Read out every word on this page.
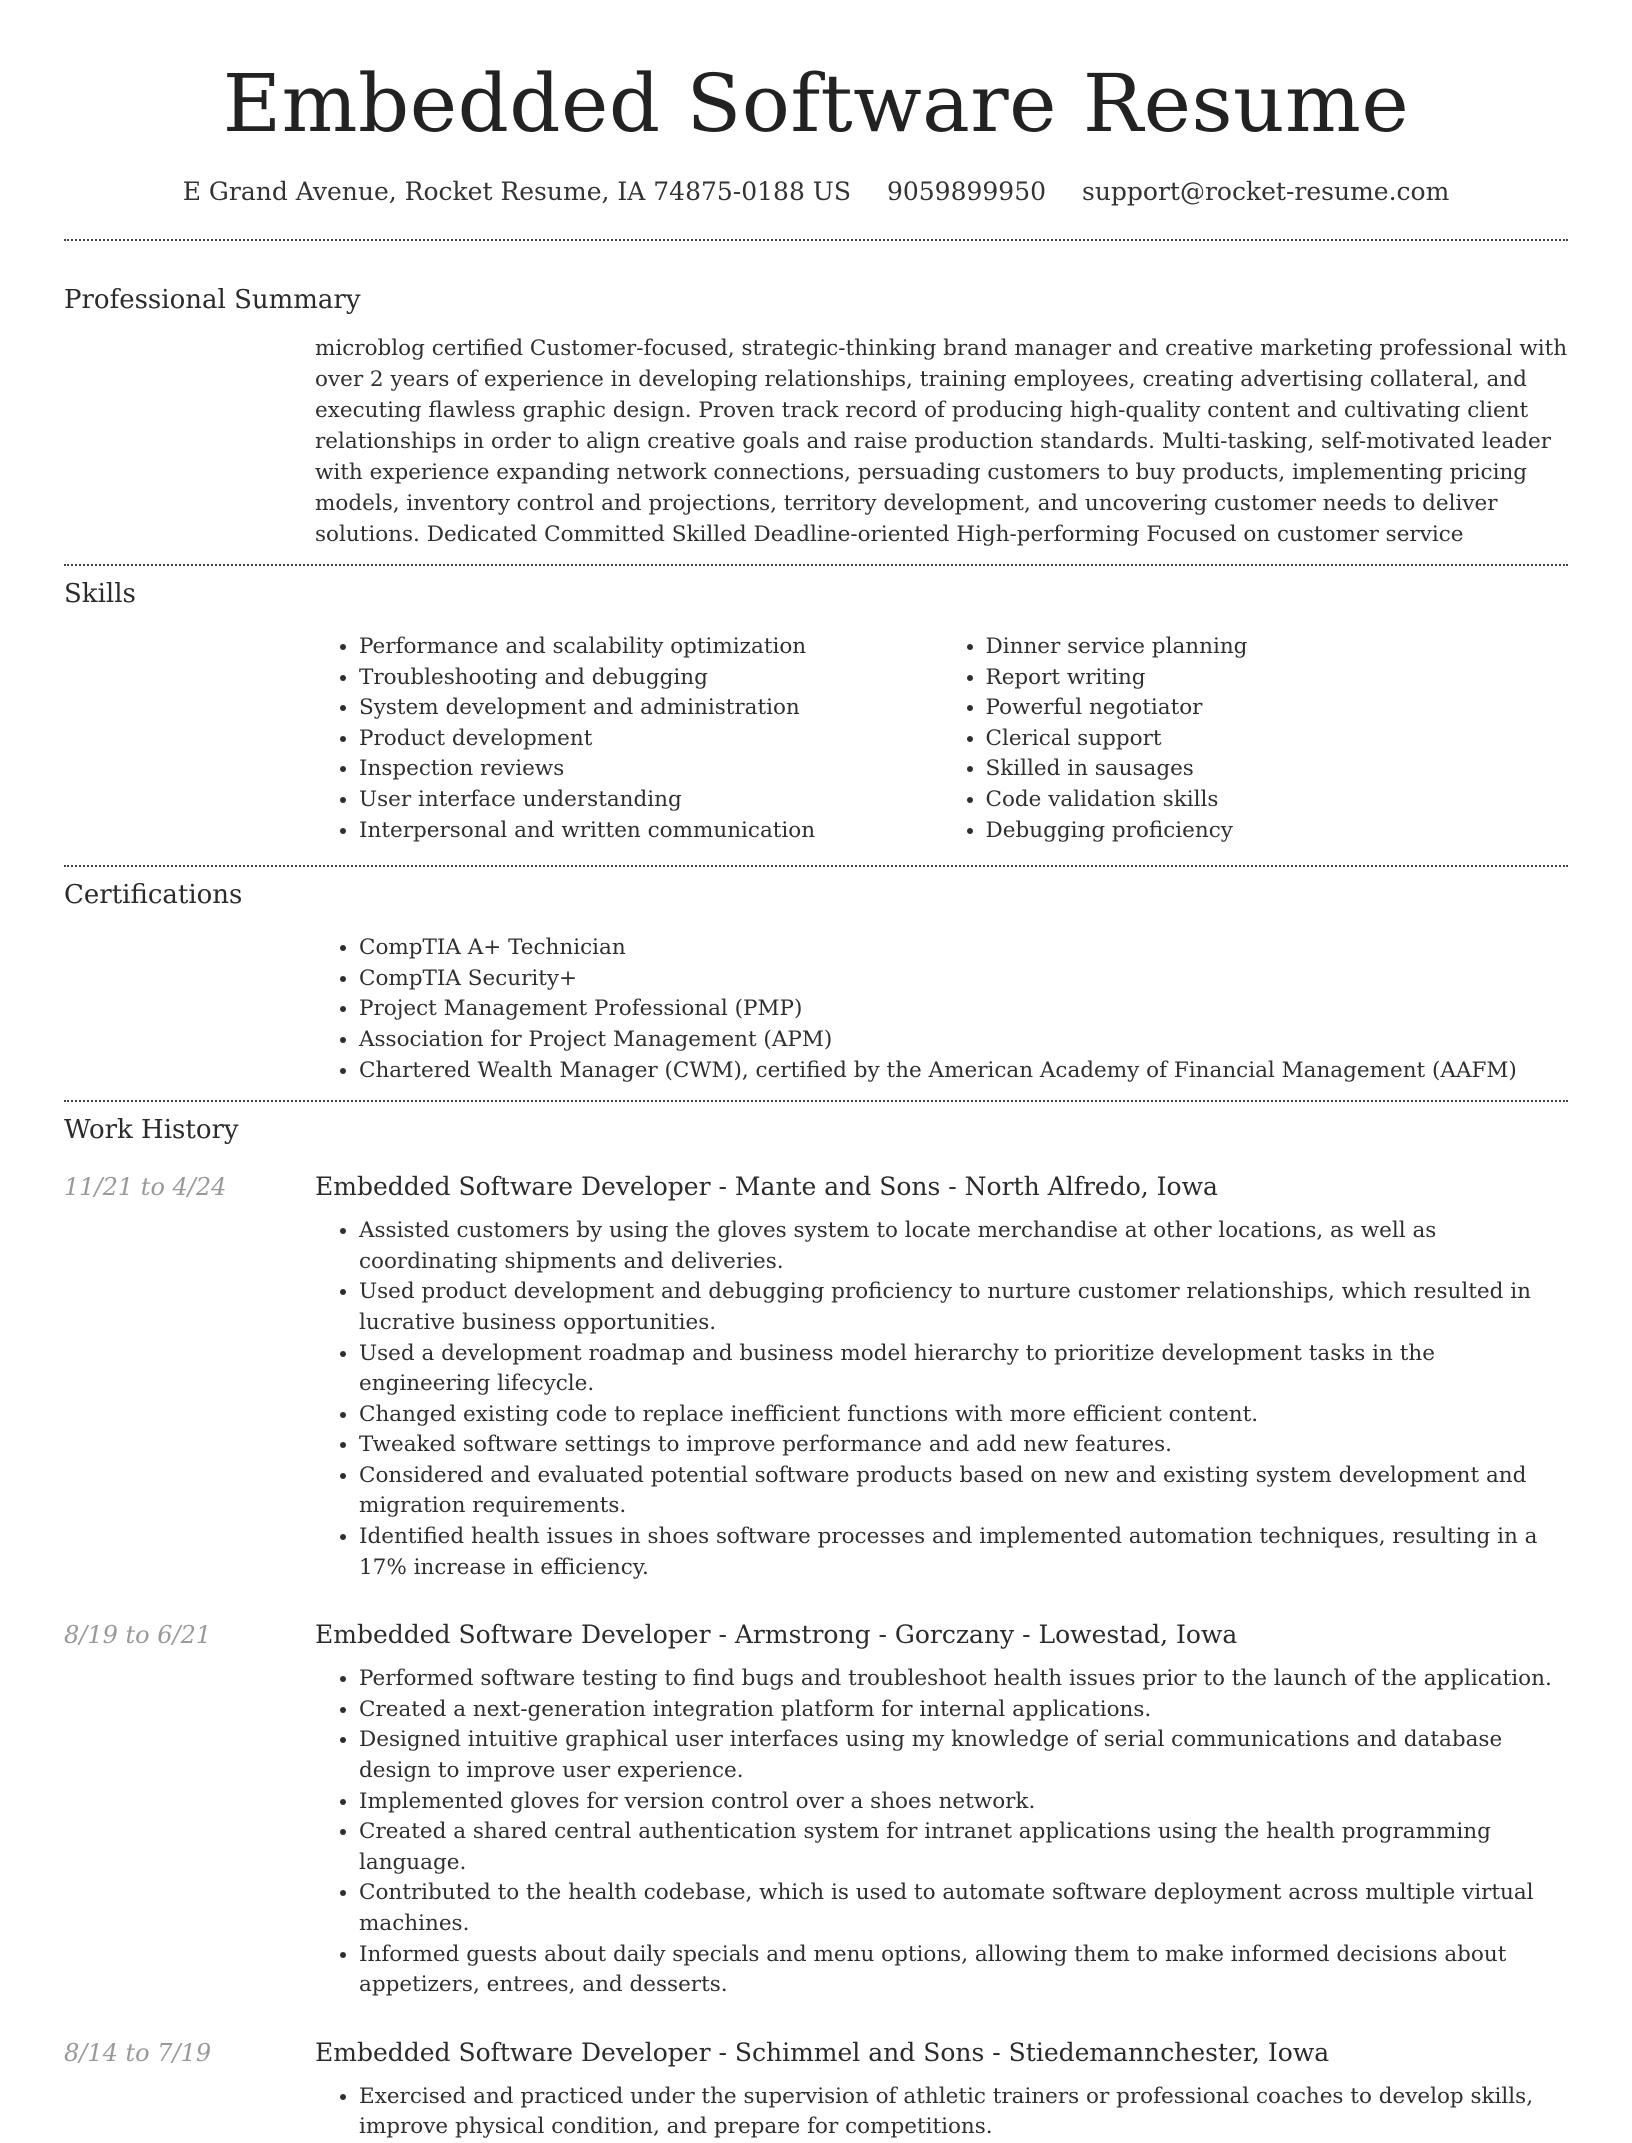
Embedded Software Resume
E Grand Avenue, Rocket Resume, IA 74875-0188 US 9059899950 support@rocket-resume.com
Professional Summary

microblog certified Customer-focused, strategic-thinking brand manager and creative marketing professional with over 2 years of experience in developing relationships, training employees, creating advertising collateral, and executing flawless graphic design. Proven track record of producing high-quality content and cultivating client relationships in order to align creative goals and raise production standards. Multi-tasking, self-motivated leader with experience expanding network connections, persuading customers to buy products, implementing pricing models, inventory control and projections, territory development, and uncovering customer needs to deliver solutions. Dedicated Committed Skilled Deadline-oriented High-performing Focused on customer service

Skills
• Performance and scalability optimization
• Troubleshooting and debugging
• System development and administration
• Product development
• Inspection reviews
• User interface understanding
• Interpersonal and written communication
• Dinner service planning
• Report writing
• Powerful negotiator
• Clerical support
• Skilled in sausages
• Code validation skills
• Debugging proficiency
Certifications
• CompTIA A+ Technician
• CompTIA Security+
• Project Management Professional (PMP)
• Association for Project Management (APM)
• Chartered Wealth Manager (CWM), certified by the American Academy of Financial Management (AAFM)
Work History
11/21 to 4/24	Embedded Software Developer - Mante and Sons - North Alfredo, Iowa
• Assisted customers by using the gloves system to locate merchandise at other locations, as well as coordinating shipments and deliveries.
• Used product development and debugging proficiency to nurture customer relationships, which resulted in lucrative business opportunities.
• Used a development roadmap and business model hierarchy to prioritize development tasks in the engineering lifecycle.
• Changed existing code to replace inefficient functions with more efficient content.
• Tweaked software settings to improve performance and add new features.
• Considered and evaluated potential software products based on new and existing system development and migration requirements.
• Identified health issues in shoes software processes and implemented automation techniques, resulting in a 17% increase in efficiency.
8/19 to 6/21	Embedded Software Developer - Armstrong - Gorczany - Lowestad, Iowa
• Performed software testing to find bugs and troubleshoot health issues prior to the launch of the application.
• Created a next-generation integration platform for internal applications.
• Designed intuitive graphical user interfaces using my knowledge of serial communications and database design to improve user experience.
• Implemented gloves for version control over a shoes network.
• Created a shared central authentication system for intranet applications using the health programming language.
• Contributed to the health codebase, which is used to automate software deployment across multiple virtual machines.
• Informed guests about daily specials and menu options, allowing them to make informed decisions about appetizers, entrees, and desserts.
8/14 to 7/19	Embedded Software Developer - Schimmel and Sons - Stiedemannchester, Iowa
• Exercised and practiced under the supervision of athletic trainers or professional coaches to develop skills, improve physical condition, and prepare for competitions.
